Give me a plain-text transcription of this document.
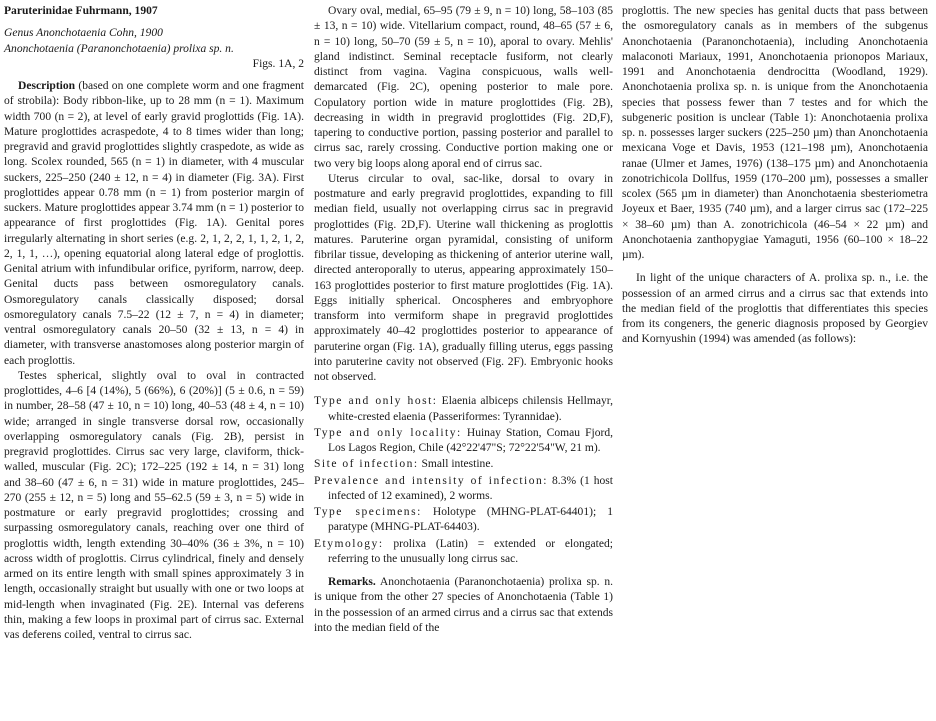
Paruterinidae Fuhrmann, 1907

Genus Anonchotaenia Cohn, 1900

Anonchotaenia (Paranonchotaenia) prolixa sp. n.

Figs. 1A, 2

Description (based on one complete worm and one fragment of strobila): Body ribbon-like, up to 28 mm (n = 1). Maximum width 700 (n = 2), at level of early gravid proglottids (Fig. 1A). Mature proglottides acraspedote, 4 to 8 times wider than long; pregravid and gravid proglottides slightly craspedote, as wide as long. Scolex rounded, 565 (n = 1) in diameter, with 4 muscular suckers, 225–250 (240 ± 12, n = 4) in diameter (Fig. 3A). First proglottides appear 0.78 mm (n = 1) from posterior margin of suckers. Mature proglottides appear 3.74 mm (n = 1) posterior to appearance of first proglottides (Fig. 1A). Genital pores irregularly alternating in short series (e.g. 2, 1, 2, 2, 1, 1, 2, 1, 2, 2, 1, 1, …), opening equatorial along lateral edge of proglottis. Genital atrium with infundibular orifice, pyriform, narrow, deep. Genital ducts pass between osmoregulatory canals. Osmoregulatory canals classically disposed; dorsal osmoregulatory canals 7.5–22 (12 ± 7, n = 4) in diameter; ventral osmoregulatory canals 20–50 (32 ± 13, n = 4) in diameter, with transverse anastomoses along posterior margin of each proglottis.

Testes spherical, slightly oval to oval in contracted proglottides, 4–6 [4 (14%), 5 (66%), 6 (20%)] (5 ± 0.6, n = 59) in number, 28–58 (47 ± 10, n = 10) long, 40–53 (48 ± 4, n = 10) wide; arranged in single transverse dorsal row, occasionally overlapping osmoregulatory canals (Fig. 2B), persist in pregravid proglottides. Cirrus sac very large, claviform, thick-walled, muscular (Fig. 2C); 172–225 (192 ± 14, n = 31) long and 38–60 (47 ± 6, n = 31) wide in mature proglottides, 245–270 (255 ± 12, n = 5) long and 55–62.5 (59 ± 3, n = 5) wide in postmature or early pregravid proglottides; crossing and surpassing osmoregulatory canals, reaching over one third of proglottis width, length extending 30–40% (36 ± 3%, n = 10) across width of proglottis. Cirrus cylindrical, finely and densely armed on its entire length with small spines approximately 3 in length, occasionally straight but usually with one or two loops at mid-length when invaginated (Fig. 2E). Internal vas deferens thin, making a few loops in proximal part of cirrus sac. External vas deferens coiled, ventral to cirrus sac.

Ovary oval, medial, 65–95 (79 ± 9, n = 10) long, 58–103 (85 ± 13, n = 10) wide. Vitellarium compact, round, 48–65 (57 ± 6, n = 10) long, 50–70 (59 ± 5, n = 10), aporal to ovary. Mehlis' gland indistinct. Seminal receptacle fusiform, not clearly distinct from vagina. Vagina conspicuous, walls well-demarcated (Fig. 2C), opening posterior to male pore. Copulatory portion wide in mature proglottides (Fig. 2B), decreasing in width in pregravid proglottides (Fig. 2D,F), tapering to conductive portion, passing posterior and parallel to cirrus sac, rarely crossing. Conductive portion making one or two very big loops along aporal end of cirrus sac.

Uterus circular to oval, sac-like, dorsal to ovary in postmature and early pregravid proglottides, expanding to fill median field, usually not overlapping cirrus sac in pregravid proglottides (Fig. 2D,F). Uterine wall thickening as proglottis matures. Paruterine organ pyramidal, consisting of uniform fibrilar tissue, developing as thickening of anterior uterine wall, directed anteroporally to uterus, appearing approximately 150–163 proglottides posterior to first mature proglottides (Fig. 1A). Eggs initially spherical. Oncospheres and embryophore transform into vermiform shape in pregravid proglottides approximately 40–42 proglottides posterior to appearance of paruterine organ (Fig. 1A), gradually filling uterus, eggs passing into paruterine cavity not observed (Fig. 2F). Embryonic hooks not observed.

Type and only host: Elaenia albiceps chilensis Hellmayr, white-crested elaenia (Passeriformes: Tyrannidae).

Type and only locality: Huinay Station, Comau Fjord, Los Lagos Region, Chile (42°22'47"S; 72°22'54"W, 21 m).

Site of infection: Small intestine.

Prevalence and intensity of infection: 8.3% (1 host infected of 12 examined), 2 worms.

Type specimens: Holotype (MHNG-PLAT-64401); 1 paratype (MHNG-PLAT-64403).

Etymology: prolixa (Latin) = extended or elongated; referring to the unusually long cirrus sac.

Remarks. Anonchotaenia (Paranonchotaenia) prolixa sp. n. is unique from the other 27 species of Anonchotaenia (Table 1) in the possession of an armed cirrus and a cirrus sac that extends into the median field of the

proglottis. The new species has genital ducts that pass between the osmoregulatory canals as in members of the subgenus Anonchotaenia (Paranonchotaenia), including Anonchotaenia malaconoti Mariaux, 1991, Anonchotaenia prionopos Mariaux, 1991 and Anonchotaenia dendrocitta (Woodland, 1929). Anonchotaenia prolixa sp. n. is unique from the Anonchotaenia species that possess fewer than 7 testes and for which the subgeneric position is unclear (Table 1): Anonchotaenia prolixa sp. n. possesses larger suckers (225–250 µm) than Anonchotaenia mexicana Voge et Davis, 1953 (121–198 µm), Anonchotaenia ranae (Ulmer et James, 1976) (138–175 µm) and Anonchotaenia zonotrichicola Dollfus, 1959 (170–200 µm), possesses a smaller scolex (565 µm in diameter) than Anonchotaenia sbesteriometra Joyeux et Baer, 1935 (740 µm), and a larger cirrus sac (172–225 × 38–60 µm) than A. zonotrichicola (46–54 × 22 µm) and Anonchotaenia zanthopygiae Yamaguti, 1956 (60–100 × 18–22 µm).

In light of the unique characters of A. prolixa sp. n., i.e. the possession of an armed cirrus and a cirrus sac that extends into the median field of the proglottis that differentiates this species from its congeners, the generic diagnosis proposed by Georgiev and Kornyushin (1994) was amended (as follows):
